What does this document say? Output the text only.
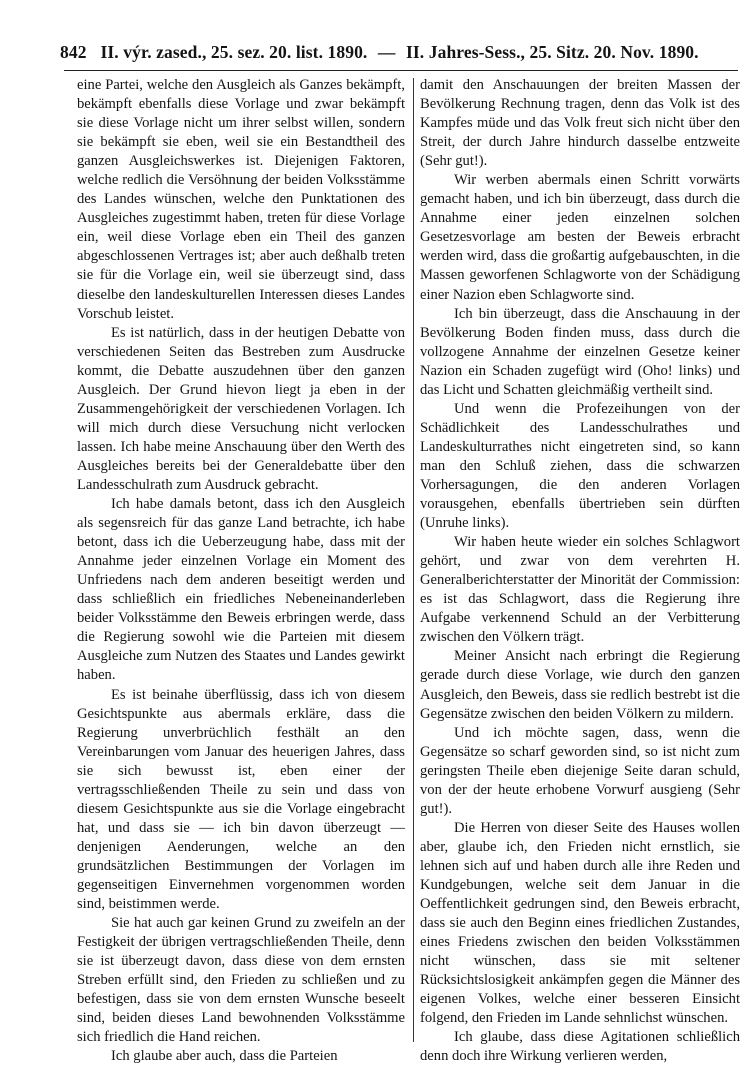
842 II. výr. zased., 25. sez. 20. list. 1890. — II. Jahres-Sess., 25. Sitz. 20. Nov. 1890.

eine Partei, welche den Ausgleich als Ganzes bekämpft, bekämpft ebenfalls diese Vorlage und zwar bekämpft sie diese Vorlage nicht um ihrer selbst willen, sondern sie bekämpft sie eben, weil sie ein Bestandtheil des ganzen Ausgleichswerkes ist. Diejenigen Faktoren, welche redlich die Versöhnung der beiden Volksstämme des Landes wünschen, welche den Punktationen des Ausgleiches zugestimmt haben, treten für diese Vorlage ein, weil diese Vorlage eben ein Theil des ganzen abgeschlossenen Vertrages ist; aber auch deßhalb treten sie für die Vorlage ein, weil sie überzeugt sind, dass dieselbe den landeskulturellen Interessen dieses Landes Vorschub leistet.

Es ist natürlich, dass in der heutigen Debatte von verschiedenen Seiten das Bestreben zum Ausdrucke kommt, die Debatte auszudehnen über den ganzen Ausgleich. Der Grund hievon liegt ja eben in der Zusammengehörigkeit der verschiedenen Vorlagen. Ich will mich durch diese Versuchung nicht verlocken lassen. Ich habe meine Anschauung über den Werth des Ausgleiches bereits bei der Generaldebatte über den Landesschulrath zum Ausdruck gebracht.

Ich habe damals betont, dass ich den Ausgleich als segensreich für das ganze Land betrachte, ich habe betont, dass ich die Ueberzeugung habe, dass mit der Annahme jeder einzelnen Vorlage ein Moment des Unfriedens nach dem anderen beseitigt werden und dass schließlich ein friedliches Nebeneinanderleben beider Volksstämme den Beweis erbringen werde, dass die Regierung sowohl wie die Parteien mit diesem Ausgleiche zum Nutzen des Staates und Landes gewirkt haben.

Es ist beinahe überflüssig, dass ich von diesem Gesichtspunkte aus abermals erkläre, dass die Regierung unverbrüchlich festhält an den Vereinbarungen vom Januar des heuerigen Jahres, dass sie sich bewusst ist, eben einer der vertragsschließenden Theile zu sein und dass von diesem Gesichtspunkte aus sie die Vorlage eingebracht hat, und dass sie — ich bin davon überzeugt — denjenigen Aenderungen, welche an den grundsätzlichen Bestimmungen der Vorlagen im gegenseitigen Einvernehmen vorgenommen worden sind, beistimmen werde.

Sie hat auch gar keinen Grund zu zweifeln an der Festigkeit der übrigen vertragschließenden Theile, denn sie ist überzeugt davon, dass diese von dem ernsten Streben erfüllt sind, den Frieden zu schließen und zu befestigen, dass sie von dem ernsten Wunsche beseelt sind, beiden dieses Land bewohnenden Volksstämme sich friedlich die Hand reichen.

Ich glaube aber auch, dass die Parteien

damit den Anschauungen der breiten Massen der Bevölkerung Rechnung tragen, denn das Volk ist des Kampfes müde und das Volk freut sich nicht über den Streit, der durch Jahre hindurch dasselbe entzweite (Sehr gut!).

Wir werben abermals einen Schritt vorwärts gemacht haben, und ich bin überzeugt, dass durch die Annahme einer jeden einzelnen solchen Gesetzesvorlage am besten der Beweis erbracht werden wird, dass die großartig aufgebauschten, in die Massen geworfenen Schlagworte von der Schädigung einer Nazion eben Schlagworte sind.

Ich bin überzeugt, dass die Anschauung in der Bevölkerung Boden finden muss, dass durch die vollzogene Annahme der einzelnen Gesetze keiner Nazion ein Schaden zugefügt wird (Oho! links) und das Licht und Schatten gleichmäßig vertheilt sind.

Und wenn die Profezeihungen von der Schädlichkeit des Landesschulrathes und Landeskulturrathes nicht eingetreten sind, so kann man den Schluß ziehen, dass die schwarzen Vorhersagungen, die den anderen Vorlagen vorausgehen, ebenfalls übertrieben sein dürften (Unruhe links).

Wir haben heute wieder ein solches Schlagwort gehört, und zwar von dem verehrten H. Generalberichterstatter der Minorität der Commission: es ist das Schlagwort, dass die Regierung ihre Aufgabe verkennend Schuld an der Verbitterung zwischen den Völkern trägt.

Meiner Ansicht nach erbringt die Regierung gerade durch diese Vorlage, wie durch den ganzen Ausgleich, den Beweis, dass sie redlich bestrebt ist die Gegensätze zwischen den beiden Völkern zu mildern.

Und ich möchte sagen, dass, wenn die Gegensätze so scharf geworden sind, so ist nicht zum geringsten Theile eben diejenige Seite daran schuld, von der der heute erhobene Vorwurf ausgieng (Sehr gut!).

Die Herren von dieser Seite des Hauses wollen aber, glaube ich, den Frieden nicht ernstlich, sie lehnen sich auf und haben durch alle ihre Reden und Kundgebungen, welche seit dem Januar in die Oeffentlichkeit gedrungen sind, den Beweis erbracht, dass sie auch den Beginn eines friedlichen Zustandes, eines Friedens zwischen den beiden Volksstämmen nicht wünschen, dass sie mit seltener Rücksichtslosigkeit ankämpfen gegen die Männer des eigenen Volkes, welche einer besseren Einsicht folgend, den Frieden im Lande sehnlichst wünschen.

Ich glaube, dass diese Agitationen schließlich denn doch ihre Wirkung verlieren werden,
